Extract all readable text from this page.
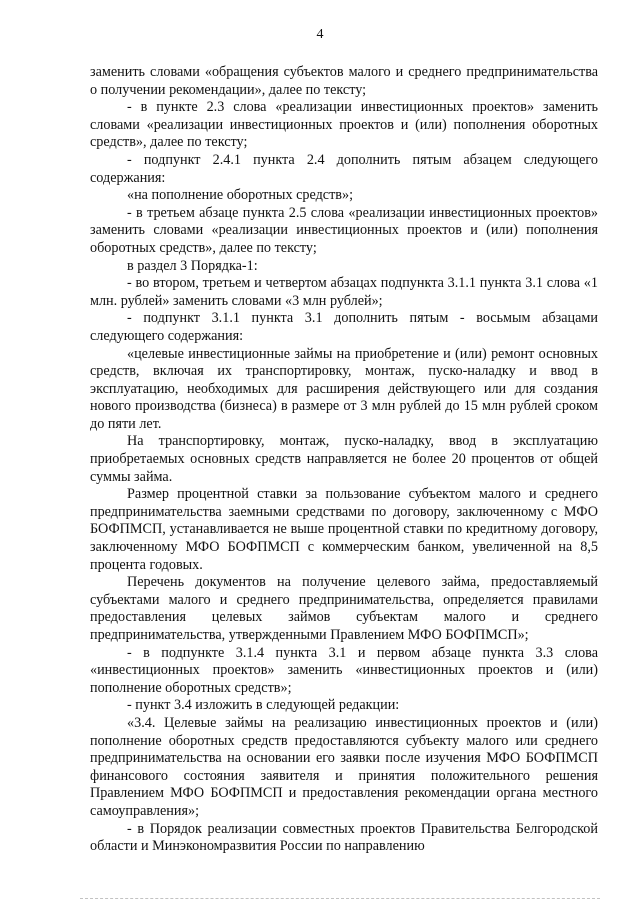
4

заменить словами «обращения субъектов малого и среднего предпринимательства о получении рекомендации», далее по тексту;

- в пункте 2.3 слова «реализации инвестиционных проектов» заменить словами «реализации инвестиционных проектов и (или) пополнения оборотных средств», далее по тексту;

- подпункт 2.4.1 пункта 2.4 дополнить пятым абзацем следующего содержания:

«на пополнение оборотных средств»;

- в третьем абзаце пункта 2.5 слова «реализации инвестиционных проектов» заменить словами «реализации инвестиционных проектов и (или) пополнения оборотных средств», далее по тексту;

в раздел 3 Порядка-1:

- во втором, третьем и четвертом абзацах подпункта 3.1.1 пункта 3.1 слова «1 млн. рублей» заменить словами «3 млн рублей»;

- подпункт 3.1.1 пункта 3.1 дополнить пятым - восьмым абзацами следующего содержания:

«целевые инвестиционные займы на приобретение и (или) ремонт основных средств, включая их транспортировку, монтаж, пуско-наладку и ввод в эксплуатацию, необходимых для расширения действующего или для создания нового производства (бизнеса) в размере от 3 млн рублей до 15 млн рублей сроком до пяти лет.

На транспортировку, монтаж, пуско-наладку, ввод в эксплуатацию приобретаемых основных средств направляется не более 20 процентов от общей суммы займа.

Размер процентной ставки за пользование субъектом малого и среднего предпринимательства заемными средствами по договору, заключенному с МФО БОФПМСП, устанавливается не выше процентной ставки по кредитному договору, заключенному МФО БОФПМСП с коммерческим банком, увеличенной на 8,5 процента годовых.

Перечень документов на получение целевого займа, предоставляемый субъектами малого и среднего предпринимательства, определяется правилами предоставления целевых займов субъектам малого и среднего предпринимательства, утвержденными Правлением МФО БОФПМСП»;

- в подпункте 3.1.4 пункта 3.1 и первом абзаце пункта 3.3 слова «инвестиционных проектов» заменить «инвестиционных проектов и (или) пополнение оборотных средств»;

- пункт 3.4 изложить в следующей редакции:

«3.4. Целевые займы на реализацию инвестиционных проектов и (или) пополнение оборотных средств предоставляются субъекту малого или среднего предпринимательства на основании его заявки после изучения МФО БОФПМСП финансового состояния заявителя и принятия положительного решения Правлением МФО БОФПМСП и предоставления рекомендации органа местного самоуправления»;

- в Порядок реализации совместных проектов Правительства Белгородской области и Минэкономразвития России по направлению
